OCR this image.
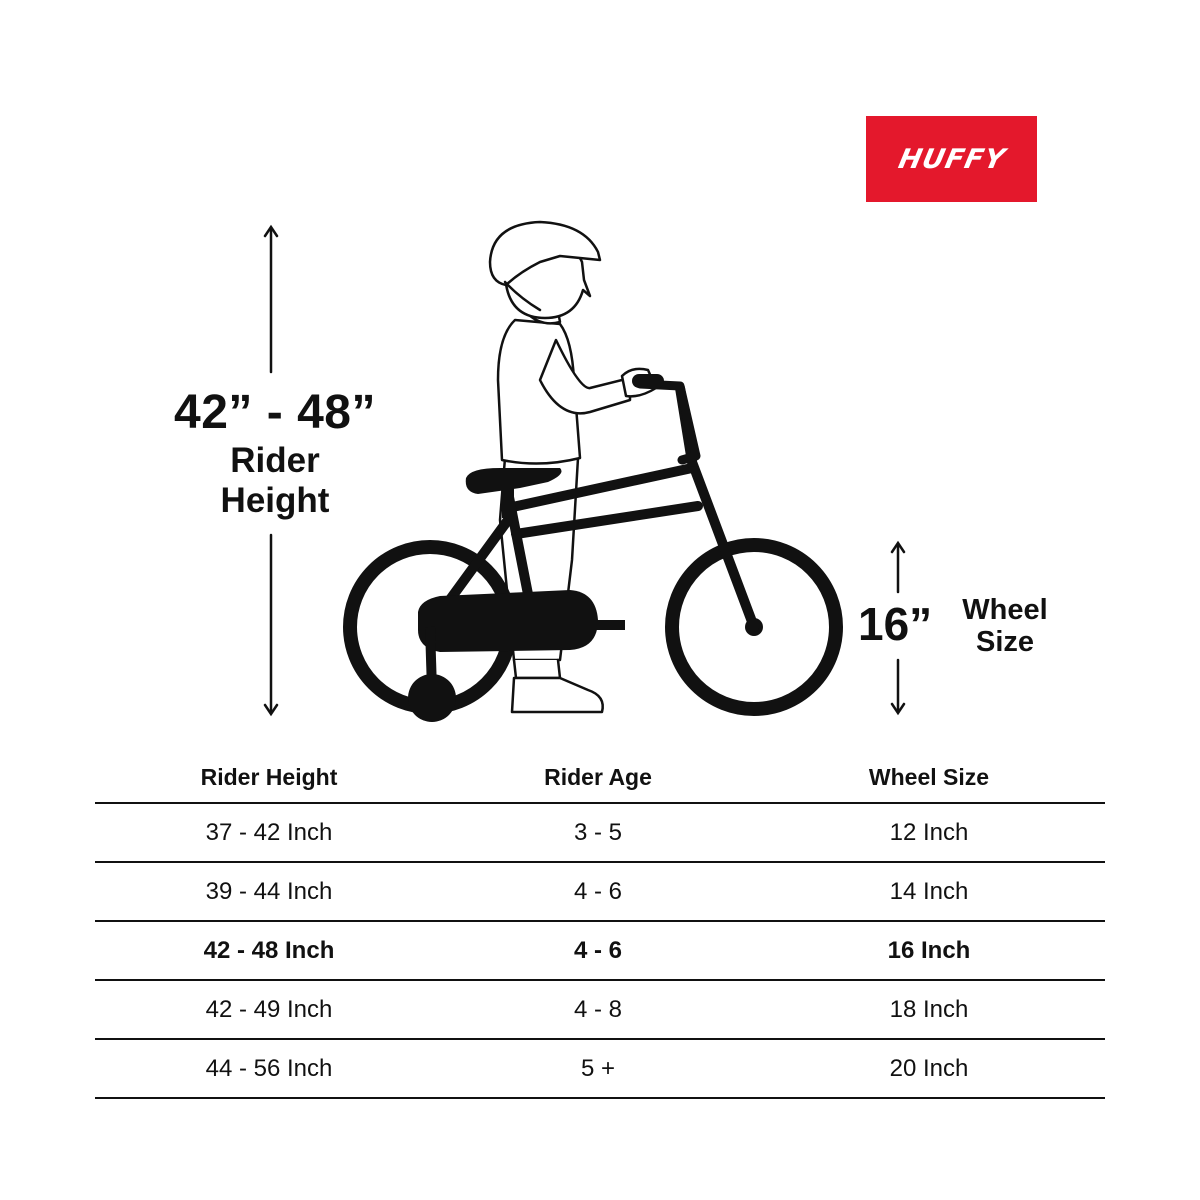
HUFFY
42” - 48”
Rider
Height
16”	Wheel
Size
Rider Height	Rider Age	Wheel Size
37 - 42 Inch	3 - 5	12 Inch
39 - 44 Inch	4 - 6	14 Inch
42 - 48 Inch	4 - 6	16 Inch
42 - 49 Inch	4 - 8	18 Inch
44 - 56 Inch	5 +	20 Inch
